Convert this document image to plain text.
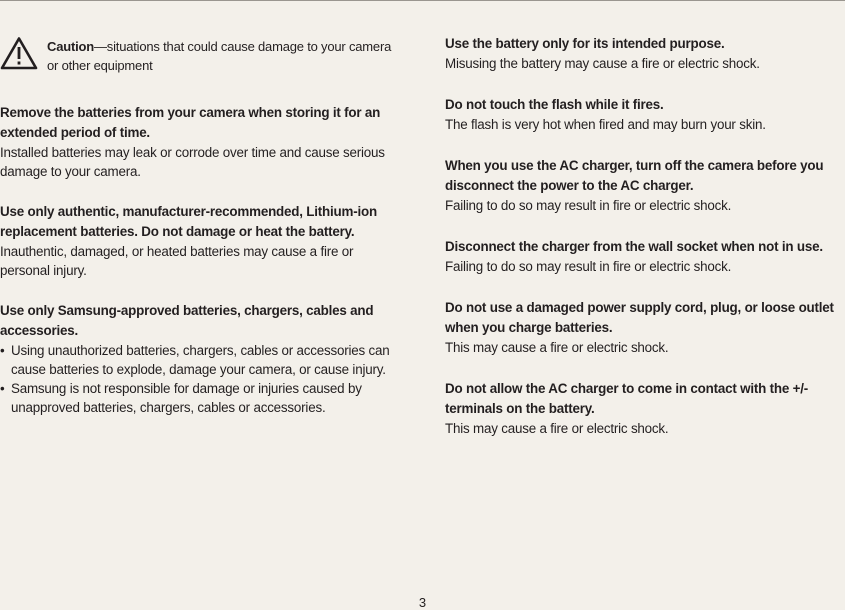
Caution—situations that could cause damage to your camera or other equipment
Remove the batteries from your camera when storing it for an extended period of time.
Installed batteries may leak or corrode over time and cause serious damage to your camera.
Use only authentic, manufacturer-recommended, Lithium-ion replacement batteries. Do not damage or heat the battery.
Inauthentic, damaged, or heated batteries may cause a fire or personal injury.
Use only Samsung-approved batteries, chargers, cables and accessories.
• Using unauthorized batteries, chargers, cables or accessories can cause batteries to explode, damage your camera, or cause injury.
• Samsung is not responsible for damage or injuries caused by unapproved batteries, chargers, cables or accessories.
Use the battery only for its intended purpose.
Misusing the battery may cause a fire or electric shock.
Do not touch the flash while it fires.
The flash is very hot when fired and may burn your skin.
When you use the AC charger, turn off the camera before you disconnect the power to the AC charger.
Failing to do so may result in fire or electric shock.
Disconnect the charger from the wall socket when not in use.
Failing to do so may result in fire or electric shock.
Do not use a damaged power supply cord, plug, or loose outlet when you charge batteries.
This may cause a fire or electric shock.
Do not allow the AC charger to come in contact with the +/- terminals on the battery.
This may cause a fire or electric shock.
3
